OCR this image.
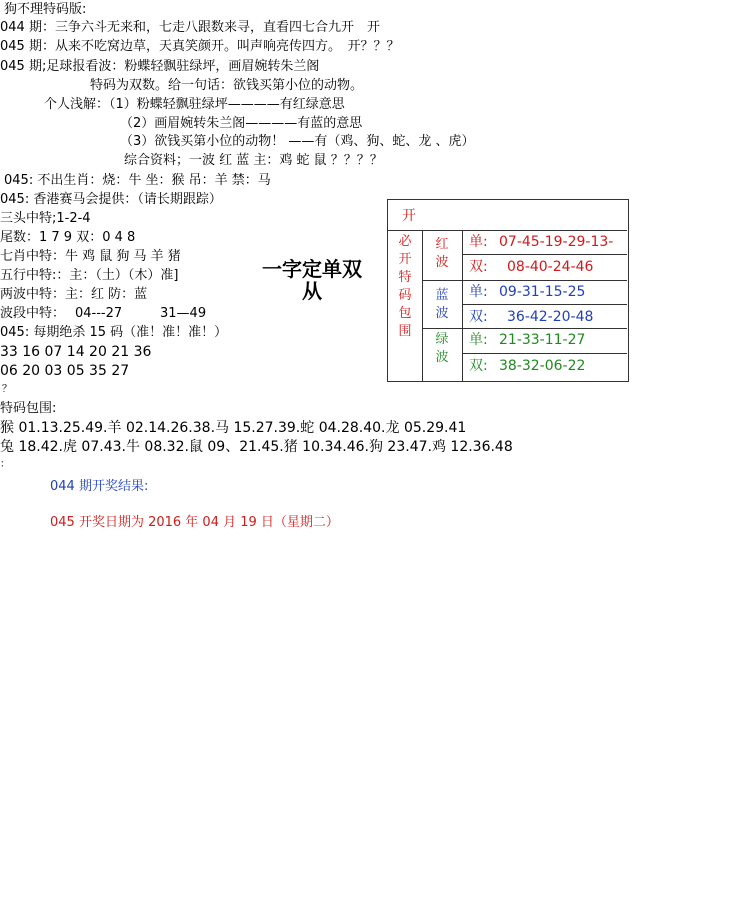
狗不理特码版:
044 期：三争六斗无来和，七走八跟数来寻，直看四七合九开　开
045 期：从来不吃窝边草，天真笑颜开。叫声响亮传四方。　开？？？
045 期;足球报看波：粉蝶轻飘驻绿坪，画眉婉转朱兰阁
特码为双数。给一句话：欲钱买第小位的动物。
个人浅解：（1）粉蝶轻飘驻绿坪————有红绿意思
（2）画眉婉转朱兰阁————有蓝的意思
（3）欲钱买第小位的动物！ ——有（鸡、狗、蛇、龙 、虎）
综合资料；一波 红 蓝 主：鸡 蛇 鼠 ？？？？
045: 不出生肖：烧：牛 坐：猴 吊：羊 禁：马
045: 香港赛马会提供：（请长期跟踪）
三头中特;1-2-4
尾数：1 7 9 双：0 4 8
七肖中特：牛 鸡 鼠 狗 马 羊 猪
五行中特:：主：（土）（木）准]
两波中特：主：红 防：蓝
波段中特： 04---27	31—49
045: 每期绝杀 15 码（准！准！准！）
33 16 07 14 20 21 36
06 20 03 05 35 27
？
特码包围:
猴 01.13.25.49.羊 02.14.26.38.马 15.27.39.蛇 04.28.40.龙 05.29.41
兔 18.42.虎 07.43.牛 08.32.鼠 09、21.45.猪 10.34.46.狗 23.47.鸡 12.36.48
：
044 期开奖结果:
045 开奖日期为 2016 年 04 月 19 日（星期二）
一字定单双
从
开
必开特码包围
红波
单: 07-45-19-29-13-
双: 08-40-24-46
蓝波
单: 09-31-15-25
双: 36-42-20-48
绿波
单: 21-33-11-27
双: 38-32-06-22
